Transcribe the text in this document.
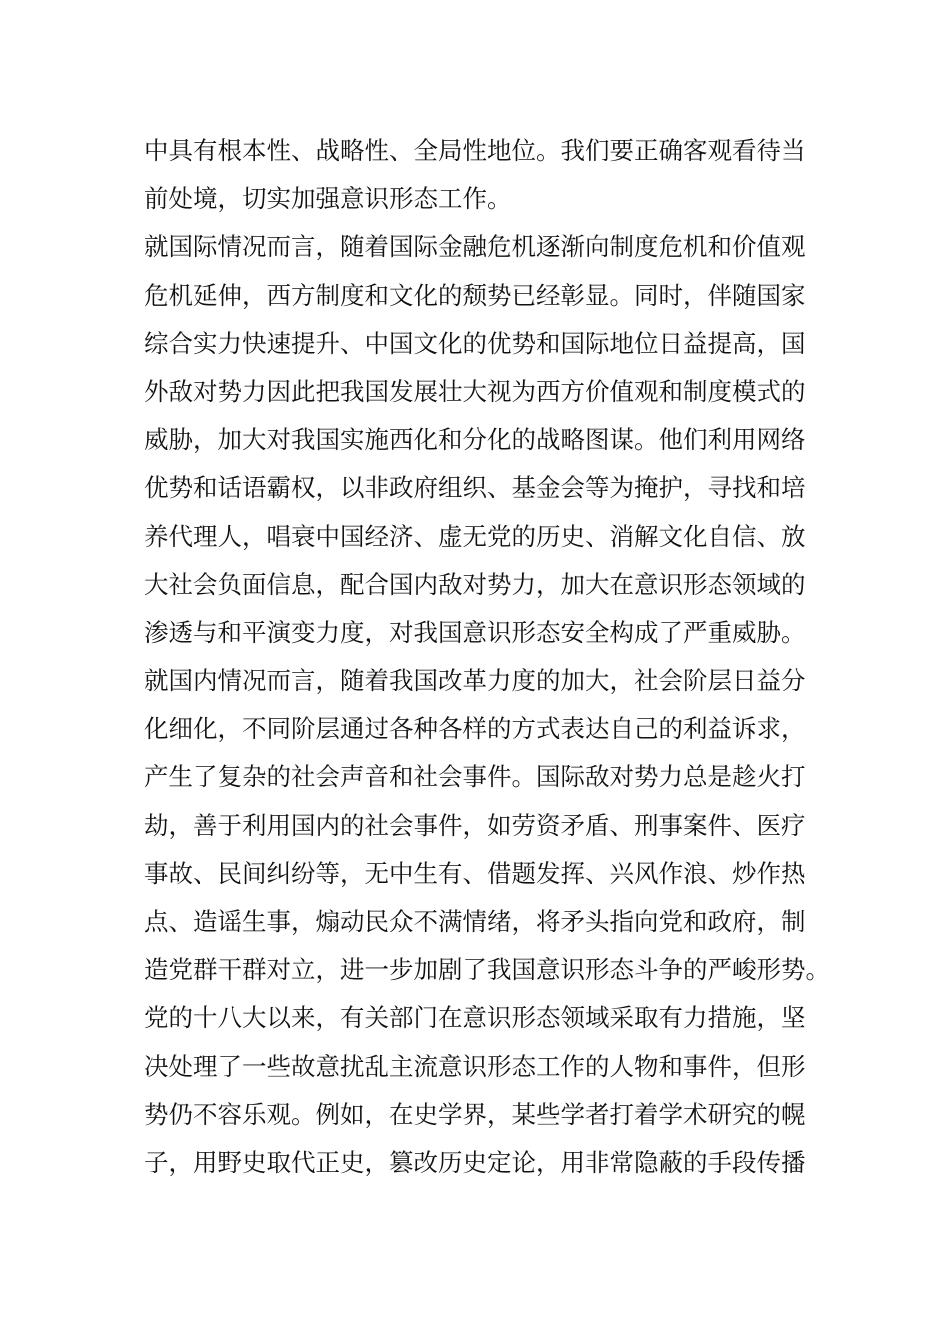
中具有根本性、战略性、全局性地位。我们要正确客观看待当
前处境，切实加强意识形态工作。
就国际情况而言，随着国际金融危机逐渐向制度危机和价值观
危机延伸，西方制度和文化的颓势已经彰显。同时，伴随国家
综合实力快速提升、中国文化的优势和国际地位日益提高，国
外敌对势力因此把我国发展壮大视为西方价值观和制度模式的
威胁，加大对我国实施西化和分化的战略图谋。他们利用网络
优势和话语霸权，以非政府组织、基金会等为掩护，寻找和培
养代理人，唱衰中国经济、虚无党的历史、消解文化自信、放
大社会负面信息，配合国内敌对势力，加大在意识形态领域的
渗透与和平演变力度，对我国意识形态安全构成了严重威胁。
就国内情况而言，随着我国改革力度的加大，社会阶层日益分
化细化，不同阶层通过各种各样的方式表达自己的利益诉求，
产生了复杂的社会声音和社会事件。国际敌对势力总是趁火打
劫，善于利用国内的社会事件，如劳资矛盾、刑事案件、医疗
事故、民间纠纷等，无中生有、借题发挥、兴风作浪、炒作热
点、造谣生事，煽动民众不满情绪，将矛头指向党和政府，制
造党群干群对立，进一步加剧了我国意识形态斗争的严峻形势。
党的十八大以来，有关部门在意识形态领域采取有力措施，坚
决处理了一些故意扰乱主流意识形态工作的人物和事件，但形
势仍不容乐观。例如，在史学界，某些学者打着学术研究的幌
子，用野史取代正史，篡改历史定论，用非常隐蔽的手段传播
